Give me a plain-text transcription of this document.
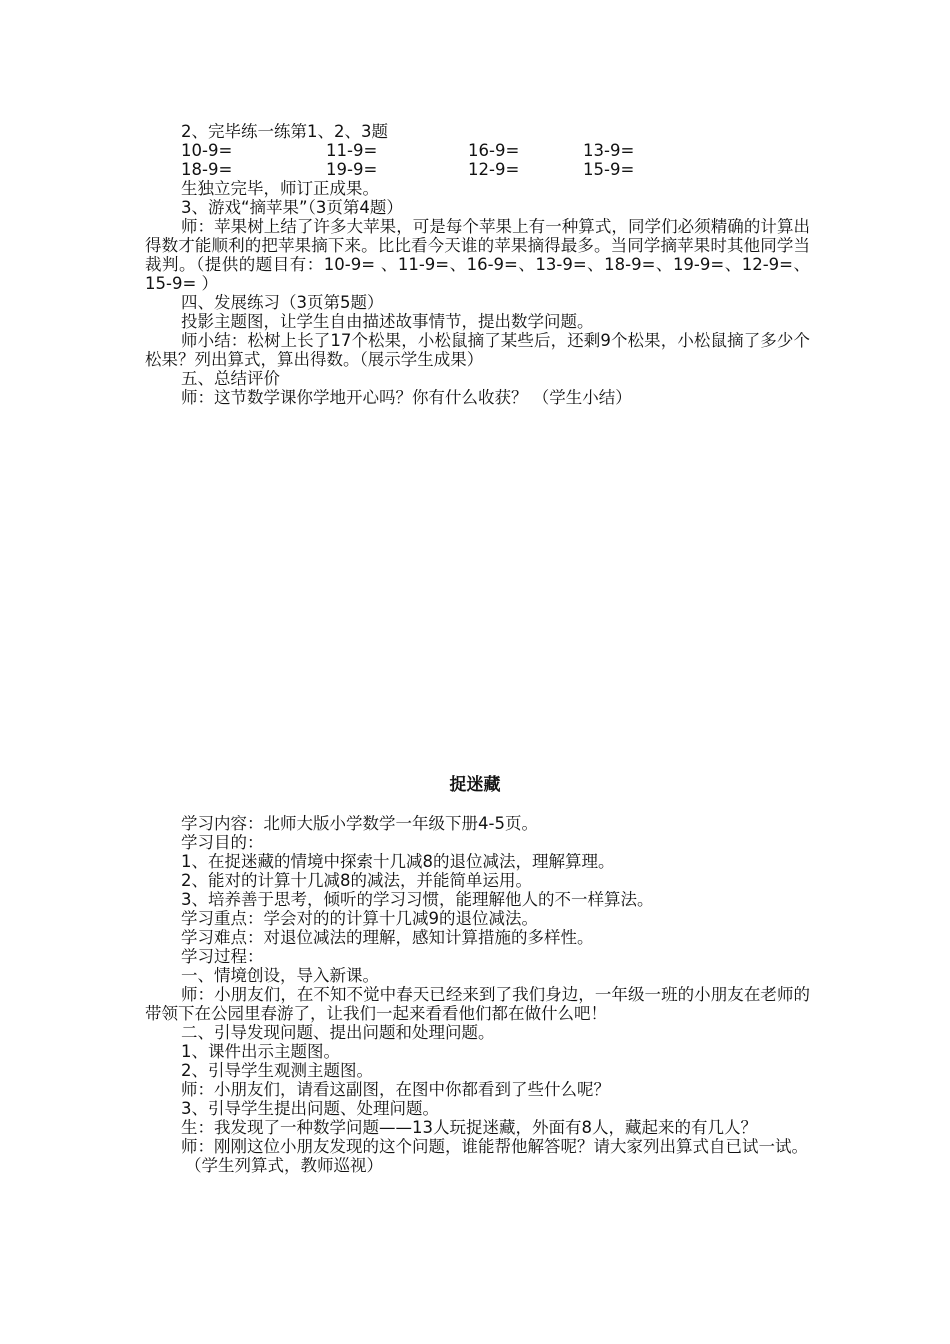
2、完毕练一练第1、2、3题
10-9=	11-9=	16-9=	13-9=
18-9=	19-9=	12-9=	15-9=
生独立完毕，师订正成果。
3、游戏“摘苹果”（3页第4题）
师：苹果树上结了许多大苹果，可是每个苹果上有一种算式，同学们必须精确的计算出得数才能顺利的把苹果摘下来。比比看今天谁的苹果摘得最多。当同学摘苹果时其他同学当裁判。（提供的题目有：10-9= 、11-9=、16-9=、13-9=、18-9=、19-9=、12-9=、15-9= ）
四、发展练习（3页第5题）
投影主题图，让学生自由描述故事情节，提出数学问题。
师小结：松树上长了17个松果，小松鼠摘了某些后，还剩9个松果，小松鼠摘了多少个松果？列出算式，算出得数。（展示学生成果）
五、总结评价
师：这节数学课你学地开心吗？你有什么收获？ （学生小结）
捉迷藏
学习内容：北师大版小学数学一年级下册4-5页。
学习目的：
1、在捉迷藏的情境中探索十几减8的退位减法，理解算理。
2、能对的计算十几减8的减法，并能简单运用。
3、培养善于思考，倾听的学习习惯，能理解他人的不一样算法。
学习重点：学会对的的计算十几减9的退位减法。
学习难点：对退位减法的理解，感知计算措施的多样性。
学习过程：
一、情境创设，导入新课。
师：小朋友们，在不知不觉中春天已经来到了我们身边，一年级一班的小朋友在老师的带领下在公园里春游了，让我们一起来看看他们都在做什么吧！
二、引导发现问题、提出问题和处理问题。
1、课件出示主题图。
2、引导学生观测主题图。
师：小朋友们，请看这副图，在图中你都看到了些什么呢？
3、引导学生提出问题、处理问题。
生：我发现了一种数学问题——13人玩捉迷藏，外面有8人，藏起来的有几人？
师：刚刚这位小朋友发现的这个问题，谁能帮他解答呢？请大家列出算式自已试一试。
（学生列算式，教师巡视）
